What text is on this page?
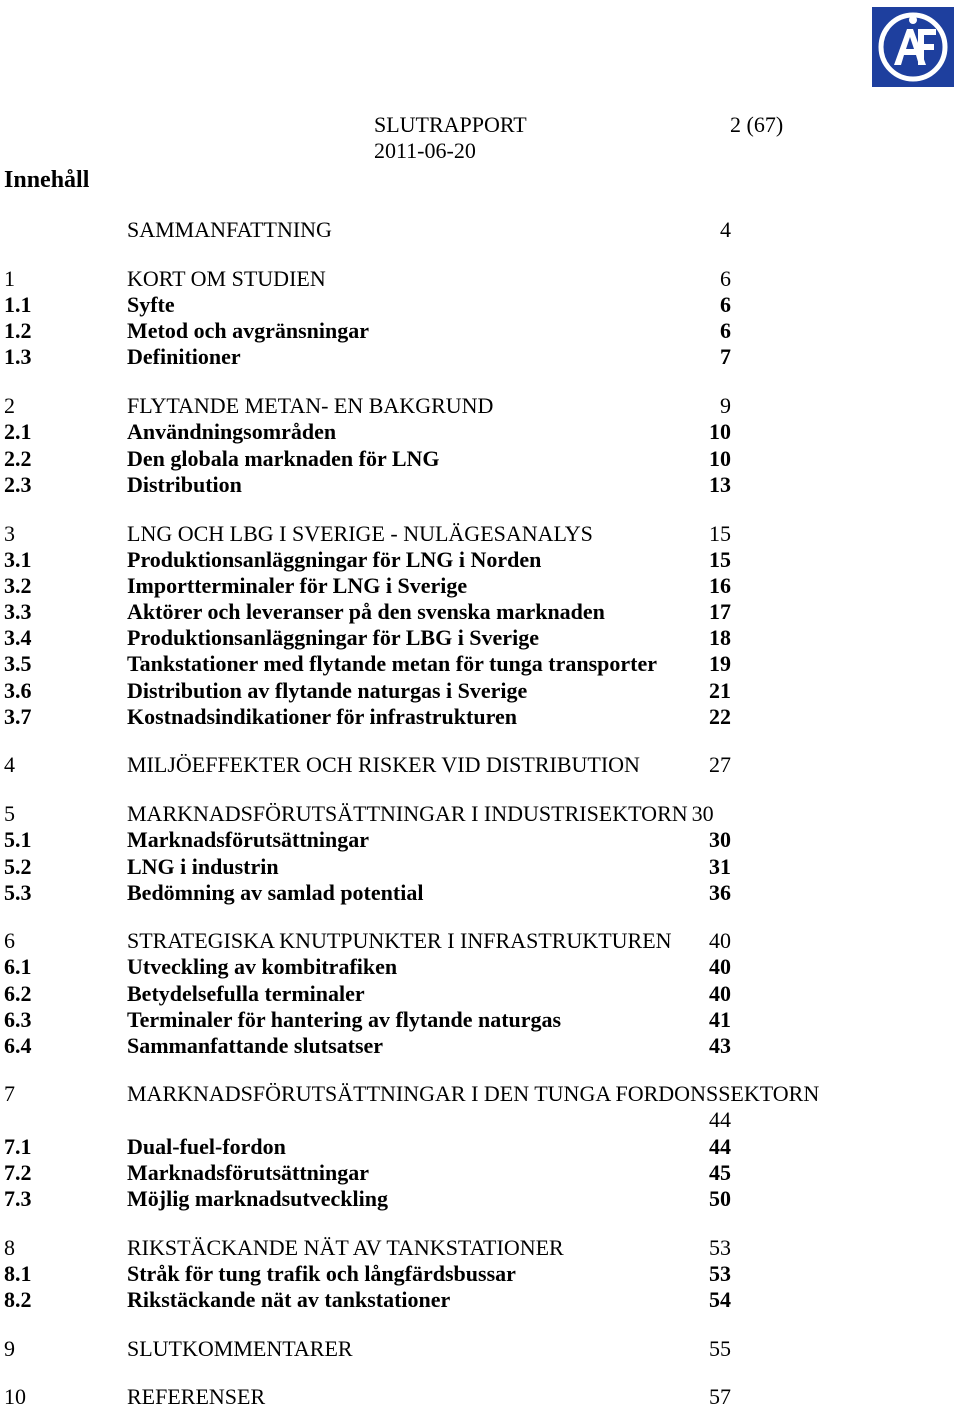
SLUTRAPPORT
2011-06-20
2 (67)
Innehåll
SAMMANFATTNING	4
1	KORT OM STUDIEN	6
1.1	Syfte	6
1.2	Metod och avgränsningar	6
1.3	Definitioner	7
2	FLYTANDE METAN- EN BAKGRUND	9
2.1	Användningsområden	10
2.2	Den globala marknaden för LNG	10
2.3	Distribution	13
3	LNG OCH LBG I SVERIGE - NULÄGESANALYS	15
3.1	Produktionsanläggningar för LNG i Norden	15
3.2	Importterminaler för LNG i Sverige	16
3.3	Aktörer och leveranser på den svenska marknaden	17
3.4	Produktionsanläggningar för LBG i Sverige	18
3.5	Tankstationer med flytande metan för tunga transporter 19
3.6	Distribution av flytande naturgas i Sverige	21
3.7	Kostnadsindikationer för infrastrukturen	22
4	MILJÖEFFEKTER OCH RISKER VID DISTRIBUTION	27
5	MARKNADSFÖRUTSÄTTNINGAR I INDUSTRISEKTORN 30
5.1	Marknadsförutsättningar	30
5.2	LNG i industrin	31
5.3	Bedömning av samlad potential	36
6	STRATEGISKA KNUTPUNKTER I INFRASTRUKTUREN 40
6.1	Utveckling av kombitrafiken	40
6.2	Betydelsefulla terminaler	40
6.3	Terminaler för hantering av flytande naturgas	41
6.4	Sammanfattande slutsatser	43
7	MARKNADSFÖRUTSÄTTNINGAR I DEN TUNGA FORDONSSEKTORN
44
7.1	Dual-fuel-fordon	44
7.2	Marknadsförutsättningar	45
7.3	Möjlig marknadsutveckling	50
8	RIKSTÄCKANDE NÄT AV TANKSTATIONER	53
8.1	Stråk för tung trafik och långfärdsbussar	53
8.2	Rikstäckande nät av tankstationer	54
9	SLUTKOMMENTARER	55
10	REFERENSER	57
